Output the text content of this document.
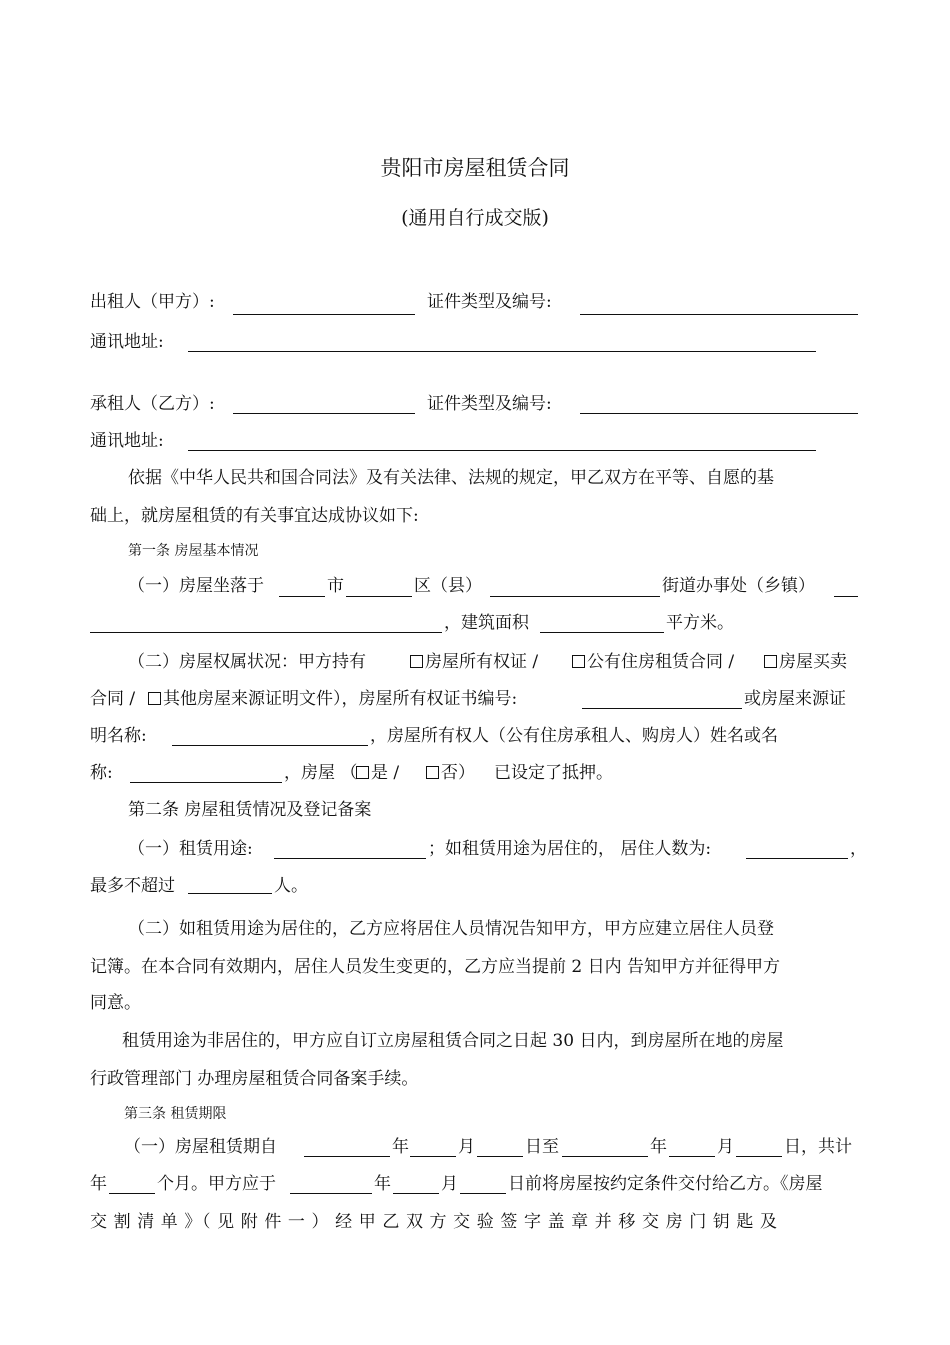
贵阳市房屋租赁合同
(通用自行成交版)
出租人（甲方）:	证件类型及编号:
通讯地址:
承租人（乙方）:	证件类型及编号:
通讯地址:
依据《中华人民共和国合同法》及有关法律、法规的规定，甲乙双方在平等、自愿的基
础上，就房屋租赁的有关事宜达成协议如下:
第一条 房屋基本情况
（一）房屋坐落于	市	区（县）	街道办事处（乡镇）
，建筑面积	平方米。
（二）房屋权属状况：甲方持有	房屋所有权证 /	公有住房租赁合同 /	房屋买卖
合同 /	其他房屋来源证明文件），房屋所有权证书编号:	或房屋来源证
明名称:	，房屋所有权人（公有住房承租人、购房人）姓名或名
称:	，房屋 （ 是 /	否） 已设定了抵押。
第二条 房屋租赁情况及登记备案
（一）租赁用途:	；如租赁用途为居住的， 居住人数为:	，
最多不超过	人。
（二）如租赁用途为居住的，乙方应将居住人员情况告知甲方，甲方应建立居住人员登
记簿。在本合同有效期内，居住人员发生变更的，乙方应当提前 2 日内 告知甲方并征得甲方
同意。
租赁用途为非居住的，甲方应自订立房屋租赁合同之日起 30 日内，到房屋所在地的房屋
行政管理部门 办理房屋租赁合同备案手续。
第三条 租赁期限
（一）房屋租赁期自	年	月	日至	年	月	日，共计
年	个月。甲方应于	年	月	日前将房屋按约定条件交付给乙方。《房屋
交 割 清 单 》（ 见 附 件 一 ） 经 甲 乙 双 方 交 验 签 字 盖 章 并 移 交 房 门 钥 匙 及
